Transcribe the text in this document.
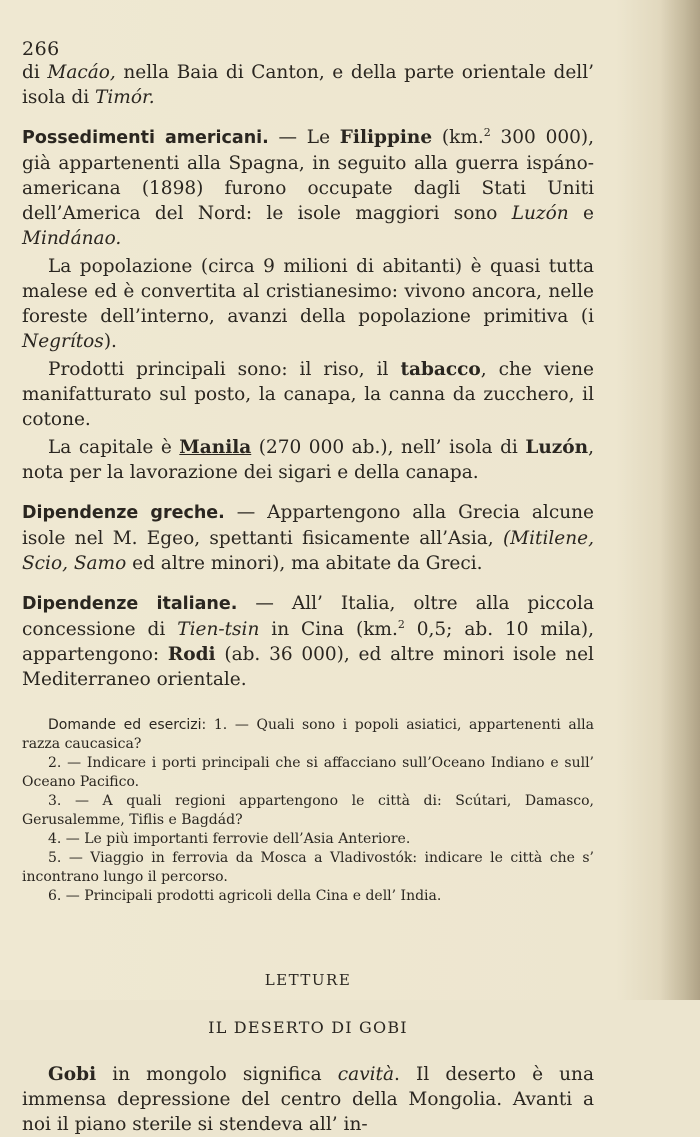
266

di Macáo, nella Baia di Canton, e della parte orientale dell’ isola di Timór.

Possedimenti americani. — Le Filippine (km.$^2$ 300 000), già appartenenti alla Spagna, in seguito alla guerra ispáno-americana (1898) furono occupate dagli Stati Uniti dell’America del Nord: le isole maggiori sono Luzón e Mindánao.

La popolazione (circa 9 milioni di abitanti) è quasi tutta malese ed è convertita al cristianesimo: vivono ancora, nelle foreste dell’interno, avanzi della popolazione primitiva (i Negrítos).

Prodotti principali sono: il riso, il tabacco, che viene manifatturato sul posto, la canapa, la canna da zucchero, il cotone.

La capitale è Manila (270 000 ab.), nell’ isola di Luzón, nota per la lavorazione dei sigari e della canapa.

Dipendenze greche. — Appartengono alla Grecia alcune isole nel M. Egeo, spettanti fisicamente all’Asia, (Mitilene, Scio, Samo ed altre minori), ma abitate da Greci.

Dipendenze italiane. — All’ Italia, oltre alla piccola concessione di Tien-tsin in Cina (km.$^2$ 0,5; ab. 10 mila), appartengono: Rodi (ab. 36 000), ed altre minori isole nel Mediterraneo orientale.

Domande ed esercizi: 1. — Quali sono i popoli asiatici, appartenenti alla razza caucasica?

2. — Indicare i porti principali che si affacciano sull’Oceano Indiano e sull’ Oceano Pacifico.

3. — A quali regioni appartengono le città di: Scútari, Damasco, Gerusalemme, Tiflis e Bagdád?

4. — Le più importanti ferrovie dell’Asia Anteriore.

5. — Viaggio in ferrovia da Mosca a Vladivostók: indicare le città che s’ incontrano lungo il percorso.

6. — Principali prodotti agricoli della Cina e dell’ India.

LETTURE

IL DESERTO DI GOBI

Gobi in mongolo significa cavità. Il deserto è una immensa depressione del centro della Mongolia. Avanti a noi il piano sterile si stendeva all’ in-
